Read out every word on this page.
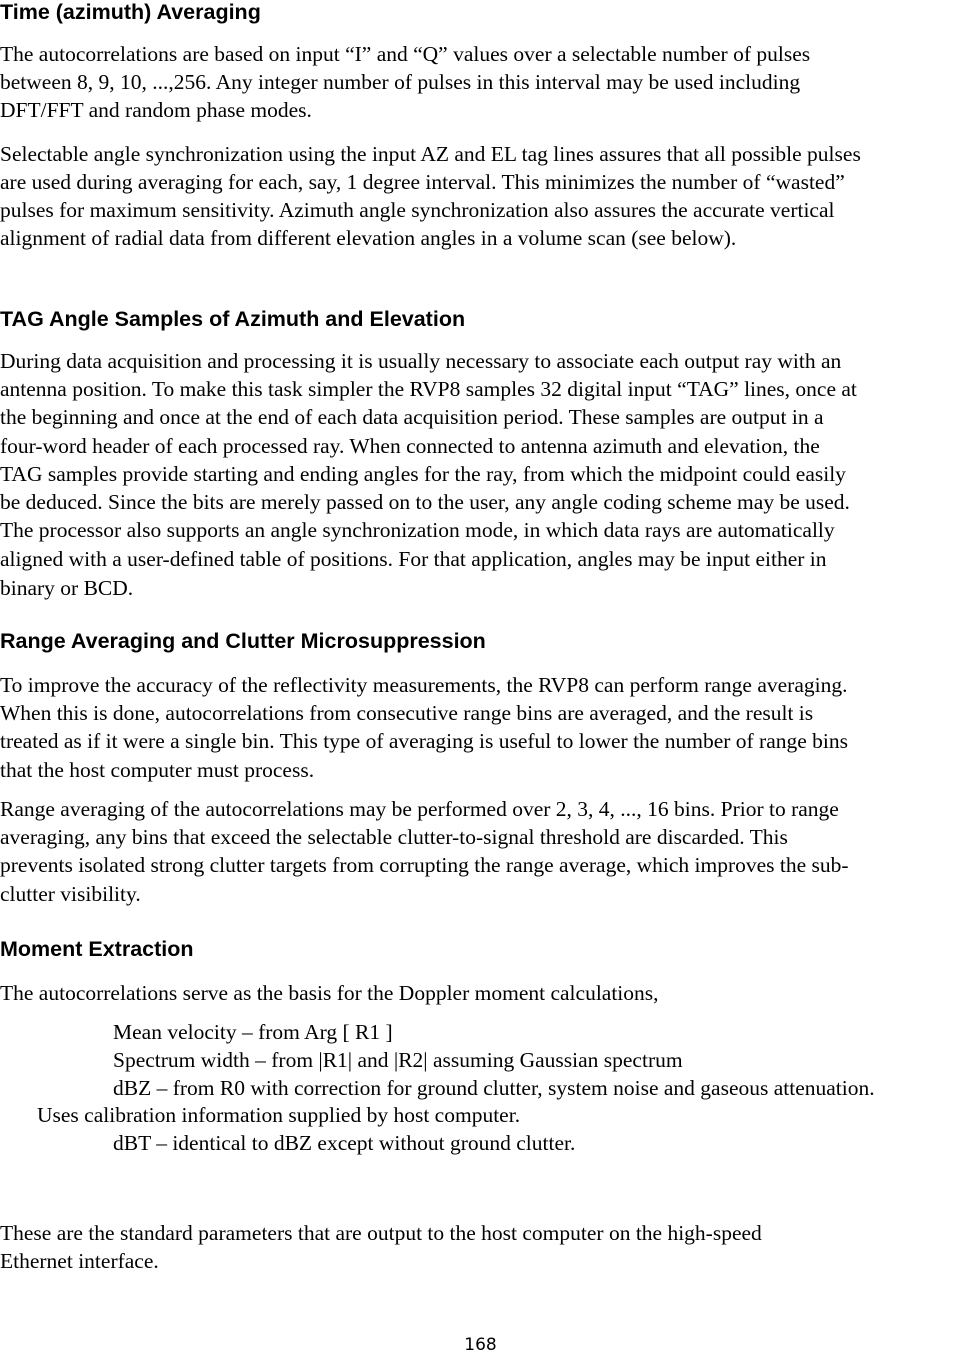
Time (azimuth) Averaging
The autocorrelations are based on input “I” and “Q” values over a selectable number of pulses
between 8, 9, 10, ...,256. Any integer number of pulses in this interval may be used including
DFT/FFT and random phase modes.
Selectable angle synchronization using the input AZ and EL tag lines assures that all possible pulses
are used during averaging for each, say, 1 degree interval. This minimizes the number of “wasted”
pulses for maximum sensitivity. Azimuth angle synchronization also assures the accurate vertical
alignment of radial data from different elevation angles in a volume scan (see below).
TAG Angle Samples of Azimuth and Elevation
During data acquisition and processing it is usually necessary to associate each output ray with an
antenna position. To make this task simpler the RVP8 samples 32 digital input “TAG” lines, once at
the beginning and once at the end of each data acquisition period. These samples are output in a
four-word header of each processed ray. When connected to antenna azimuth and elevation, the
TAG samples provide starting and ending angles for the ray, from which the midpoint could easily
be deduced. Since the bits are merely passed on to the user, any angle coding scheme may be used.
The processor also supports an angle synchronization mode, in which data rays are automatically
aligned with a user-defined table of positions. For that application, angles may be input either in
binary or BCD.
Range Averaging and Clutter Microsuppression
To improve the accuracy of the reflectivity measurements, the RVP8 can perform range averaging.
When this is done, autocorrelations from consecutive range bins are averaged, and the result is
treated as if it were a single bin. This type of averaging is useful to lower the number of range bins
that the host computer must process.
Range averaging of the autocorrelations may be performed over 2, 3, 4, ..., 16 bins. Prior to range
averaging, any bins that exceed the selectable clutter-to-signal threshold are discarded. This
prevents isolated strong clutter targets from corrupting the range average, which improves the sub-
clutter visibility.
Moment Extraction
The autocorrelations serve as the basis for the Doppler moment calculations,
Mean velocity – from Arg [ R1 ]
Spectrum width – from |R1| and |R2| assuming Gaussian spectrum
dBZ – from R0 with correction for ground clutter, system noise and gaseous attenuation.
Uses calibration information supplied by host computer.
dBT – identical to dBZ except without ground clutter.
These are the standard parameters that are output to the host computer on the high-speed
Ethernet interface.
168
